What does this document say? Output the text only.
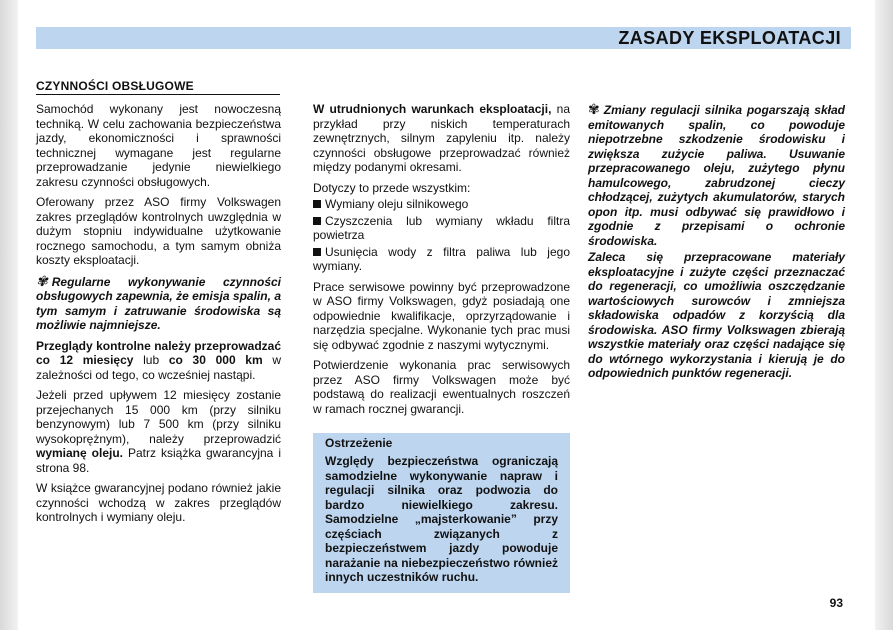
ZASADY EKSPLOATACJI
CZYNNOŚCI OBSŁUGOWE

Samochód wykonany jest nowoczesną techniką. W celu zachowania bezpieczeństwa jazdy, ekonomiczności i sprawności technicznej wymagane jest regularne przeprowadzanie jedynie niewielkiego zakresu czynności obsługowych.

Oferowany przez ASO firmy Volkswagen zakres przeglądów kontrolnych uwzględnia w dużym stopniu indywidualne użytkowanie rocznego samochodu, a tym samym obniża koszty eksploatacji.

✾ Regularne wykonywanie czynności obsługowych zapewnia, że emisja spalin, a tym samym i zatruwanie środowiska są możliwie najmniejsze.

Przeglądy kontrolne należy przeprowadzać co 12 miesięcy lub co 30 000 km w zależności od tego, co wcześniej nastąpi.

Jeżeli przed upływem 12 miesięcy zostanie przejechanych 15 000 km (przy silniku benzynowym) lub 7 500 km (przy silniku wysokoprężnym), należy przeprowadzić wymianę oleju. Patrz książka gwarancyjna i strona 98.

W książce gwarancyjnej podano również jakie czynności wchodzą w zakres przeglądów kontrolnych i wymiany oleju.

W utrudnionych warunkach eksploatacji, na przykład przy niskich temperaturach zewnętrznych, silnym zapyleniu itp. należy czynności obsługowe przeprowadzać również między podanymi okresami.

Dotyczy to przede wszystkim:

Wymiany oleju silnikowego

Czyszczenia lub wymiany wkładu filtra powietrza

Usunięcia wody z filtra paliwa lub jego wymiany.

Prace serwisowe powinny być przeprowadzone w ASO firmy Volkswagen, gdyż posiadają one odpowiednie kwalifikacje, oprzyrządowanie i narzędzia specjalne. Wykonanie tych prac musi się odbywać zgodnie z naszymi wytycznymi.

Potwierdzenie wykonania prac serwisowych przez ASO firmy Volkswagen może być podstawą do realizacji ewentualnych roszczeń w ramach rocznej gwarancji.

Ostrzeżenie
Względy bezpieczeństwa ograniczają samodzielne wykonywanie napraw i regulacji silnika oraz podwozia do bardzo niewielkiego zakresu. Samodzielne „majsterkowanie” przy częściach związanych z bezpieczeństwem jazdy powoduje narażanie na niebezpieczeństwo również innych uczestników ruchu.

✾ Zmiany regulacji silnika pogarszają skład emitowanych spalin, co powoduje niepotrzebne szkodzenie środowisku i zwiększa zużycie paliwa. Usuwanie przepracowanego oleju, zużytego płynu hamulcowego, zabrudzonej cieczy chłodzącej, zużytych akumulatorów, starych opon itp. musi odbywać się prawidłowo i zgodnie z przepisami o ochronie środowiska.

Zaleca się przepracowane materiały eksploatacyjne i zużyte części przeznaczać do regeneracji, co umożliwia oszczędzanie wartościowych surowców i zmniejsza składowiska odpadów z korzyścią dla środowiska. ASO firmy Volkswagen zbierają wszystkie materiały oraz części nadające się do wtórnego wykorzystania i kierują je do odpowiednich punktów regeneracji.

93
